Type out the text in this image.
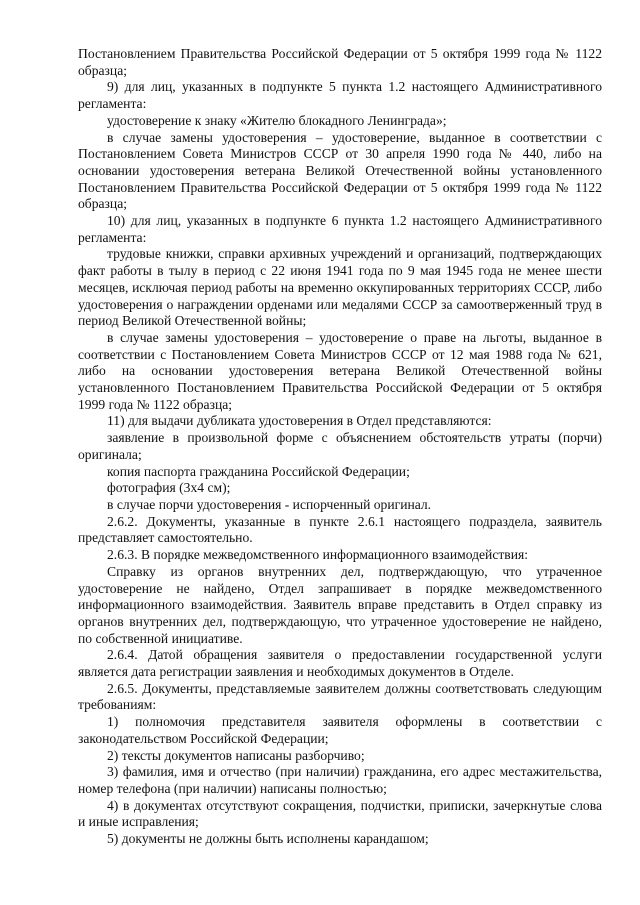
Постановлением Правительства Российской Федерации от 5 октября 1999 года № 1122 образца;

9) для лиц, указанных в подпункте 5 пункта 1.2 настоящего Административного регламента:

удостоверение к знаку «Жителю блокадного Ленинграда»;

в случае замены удостоверения – удостоверение, выданное в соответствии с Постановлением Совета Министров СССР от 30 апреля 1990 года № 440, либо на основании удостоверения ветерана Великой Отечественной войны установленного Постановлением Правительства Российской Федерации от 5 октября 1999 года № 1122 образца;

10) для лиц, указанных в подпункте 6 пункта 1.2 настоящего Административного регламента:

трудовые книжки, справки архивных учреждений и организаций, подтверждающих факт работы в тылу в период с 22 июня 1941 года по 9 мая 1945 года не менее шести месяцев, исключая период работы на временно оккупированных территориях СССР, либо удостоверения о награждении орденами или медалями СССР за самоотверженный труд в период Великой Отечественной войны;

в случае замены удостоверения – удостоверение о праве на льготы, выданное в соответствии с Постановлением Совета Министров СССР от 12 мая 1988 года № 621, либо на основании удостоверения ветерана Великой Отечественной войны установленного Постановлением Правительства Российской Федерации от 5 октября 1999 года № 1122 образца;

11) для выдачи дубликата удостоверения в Отдел представляются:

заявление в произвольной форме с объяснением обстоятельств утраты (порчи) оригинала;

копия паспорта гражданина Российской Федерации;

фотография (3х4 см);

в случае порчи удостоверения - испорченный оригинал.

2.6.2. Документы, указанные в пункте 2.6.1 настоящего подраздела, заявитель представляет самостоятельно.

2.6.3. В порядке межведомственного информационного взаимодействия:

Справку из органов внутренних дел, подтверждающую, что утраченное удостоверение не найдено, Отдел запрашивает в порядке межведомственного информационного взаимодействия. Заявитель вправе представить в Отдел справку из органов внутренних дел, подтверждающую, что утраченное удостоверение не найдено, по собственной инициативе.

2.6.4. Датой обращения заявителя о предоставлении государственной услуги является дата регистрации заявления и необходимых документов в Отделе.

2.6.5. Документы, представляемые заявителем должны соответствовать следующим требованиям:

1) полномочия представителя заявителя оформлены в соответствии с законодательством Российской Федерации;

2) тексты документов написаны разборчиво;

3) фамилия, имя и отчество (при наличии) гражданина, его адрес местажительства, номер телефона (при наличии) написаны полностью;

4) в документах отсутствуют сокращения, подчистки, приписки, зачеркнутые слова и иные исправления;

5) документы не должны быть исполнены карандашом;
